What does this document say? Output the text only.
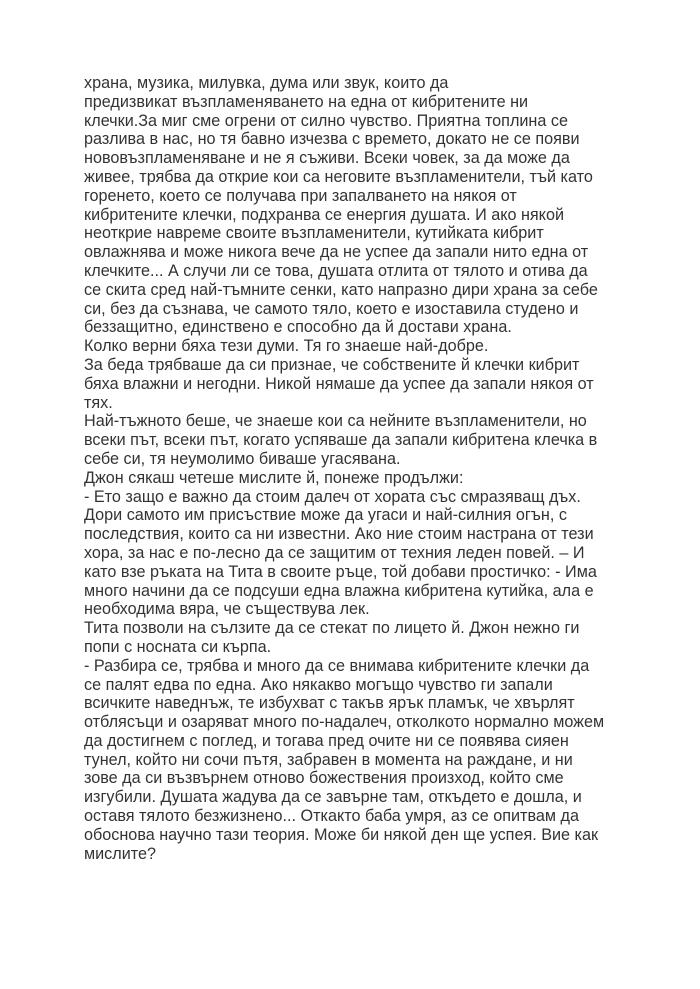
храна, музика, милувка, дума или звук, които да
предизвикат възпламеняването на една от кибритените ни
клечки.За миг сме огрени от силно чувство. Приятна топлина се
разлива в нас, но тя бавно изчезва с времето, докато не се появи
нововъзпламеняване и не я съживи. Всеки човек, за да може да
живее, трябва да открие кои са неговите възпламенители, тъй като
горенето, което се получава при запалването на някоя от
кибритените клечки, подхранва се енергия душата. И ако някой
неоткрие навреме своите възпламенители, кутийката кибрит
овлажнява и може никога вече да не успее да запали нито една от
клечките... А случи ли се това, душата отлита от тялото и отива да
се скита сред най-тъмните сенки, като напразно дири храна за себе
си, без да съзнава, че самото тяло, което е изоставила студено и
беззащитно, единствено е способно да й достави храна.
Колко верни бяха тези думи. Тя го знаеше най-добре.
За беда трябваше да си признае, че собствените й клечки кибрит
бяха влажни и негодни. Никой нямаше да успее да запали някоя от
тях.
Най-тъжното беше, че знаеше кои са нейните възпламенители, но
всеки път, всеки път, когато успяваше да запали кибритена клечка в
себе си, тя неумолимо биваше угасявана.
Джон сякаш четеше мислите й, понеже продължи:
- Ето защо е важно да стоим далеч от хората със смразяващ дъх.
Дори самото им присъствие може да угаси и най-силния огън, с
последствия, които са ни известни. Ако ние стоим настрана от тези
хора, за нас е по-лесно да се защитим от техния леден повей. – И
като взе ръката на Тита в своите ръце, той добави простичко: - Има
много начини да се подсуши една влажна кибритена кутийка, ала е
необходима вяра, че съществува лек.
Тита позволи на сълзите да се стекат по лицето й. Джон нежно ги
попи с носната си кърпа.
- Разбира се, трябва и много да се внимава кибритените клечки да
се палят едва по една. Ако някакво могъщо чувство ги запали
всичките наведнъж, те избухват с такъв ярък пламък, че хвърлят
отблясъци и озаряват много по-надалеч, отколкото нормално можем
да достигнем с поглед, и тогава пред очите ни се появява сияен
тунел, който ни сочи пътя, забравен в момента на раждане, и ни
зове да си възвърнем отново божествения произход, който сме
изгубили. Душата жадува да се завърне там, откъдето е дошла, и
оставя тялото безжизнено... Откакто баба умря, аз се опитвам да
обоснова научно тази теория. Може би някой ден ще успея. Вие как
мислите?
